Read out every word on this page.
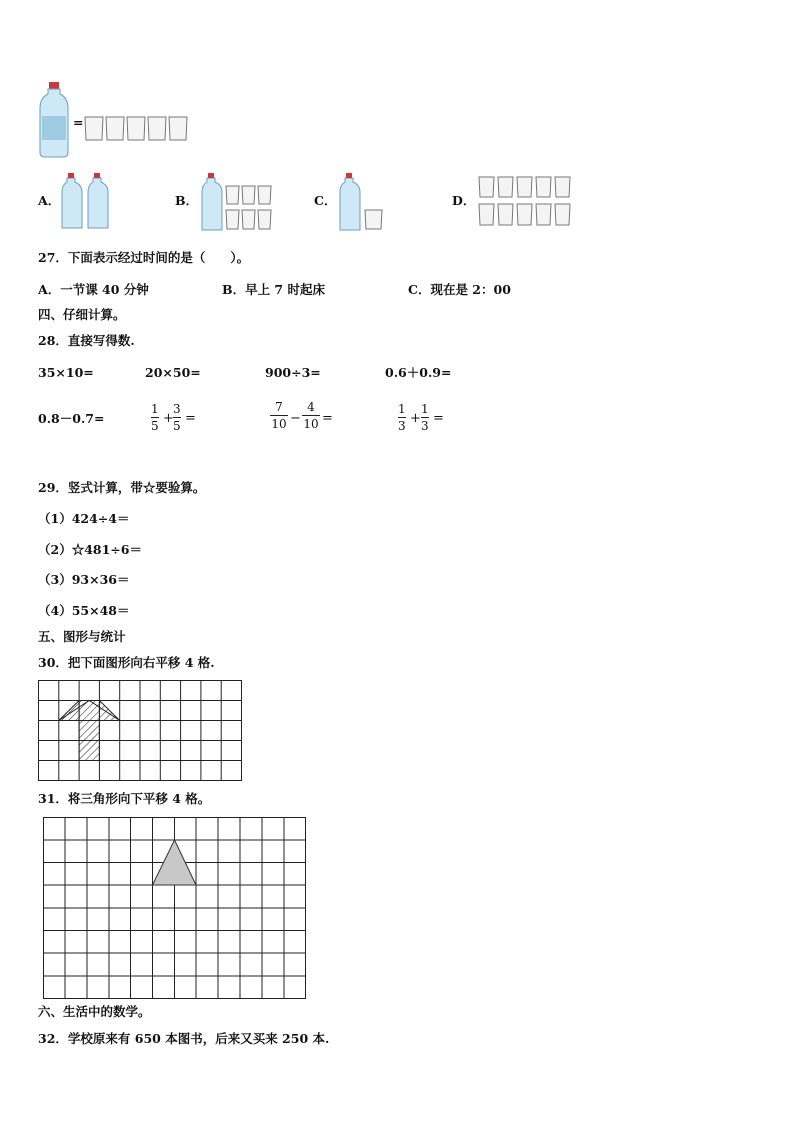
=
A．	B．	C．	D．
27．下面表示经过时间的是（　　）。
A．一节课 40 分钟	B．早上 7 时起床	C．现在是 2：00
四、仔细计算。
28．直接写得数.
35×10=	20×50=	900÷3=	0.6＋0.9=
0.8－0.7=
1
5 +
3
5 =
7
10 −
4
10 =
1
3 +
1
3 =
29．竖式计算，带☆要验算。
（1）424÷4＝
（2）☆481÷6＝
（3）93×36＝
（4）55×48＝
五、图形与统计
30．把下面图形向右平移 4 格.
31．将三角形向下平移 4 格。
六、生活中的数学。
32．学校原来有 650 本图书，后来又买来 250 本.
